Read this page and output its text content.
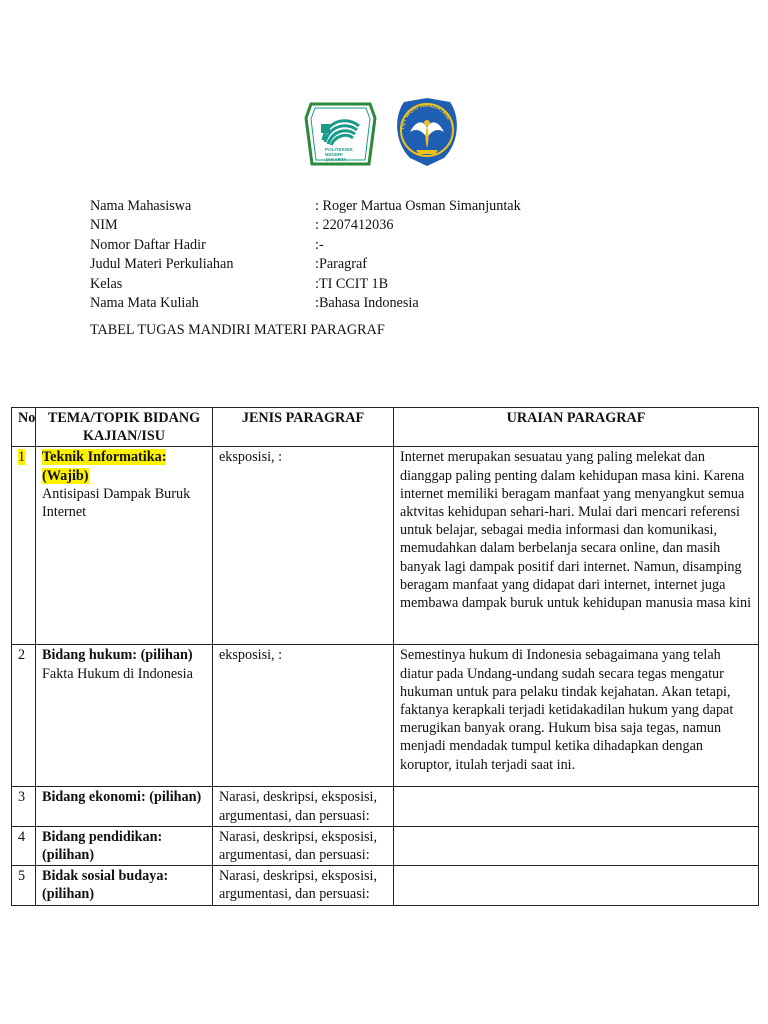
POLITEKNIK
NEGERI
JAKARTA
TUT WURI HANDAYANI
Nama Mahasiswa	: Roger Martua Osman Simanjuntak
NIM	: 2207412036
Nomor Daftar Hadir	:-
Judul Materi Perkuliahan	:Paragraf
Kelas	:TI CCIT 1B
Nama Mata Kuliah	:Bahasa Indonesia
TABEL TUGAS MANDIRI MATERI PARAGRAF
No	TEMA/TOPIK BIDANG KAJIAN/ISU	JENIS PARAGRAF	URAIAN PARAGRAF
1	Teknik Informatika: (Wajib)
Antisipasi Dampak Buruk Internet	eksposisi, :	Internet merupakan sesuatau yang paling melekat dan dianggap paling penting dalam kehidupan masa kini. Karena internet memiliki beragam manfaat yang menyangkut semua aktvitas kehidupan sehari-hari. Mulai dari mencari referensi untuk belajar, sebagai media informasi dan komunikasi, memudahkan dalam berbelanja secara online, dan masih banyak lagi dampak positif dari internet. Namun, disamping beragam manfaat yang didapat dari internet, internet juga membawa dampak buruk untuk kehidupan manusia masa kini
2	Bidang hukum: (pilihan)
Fakta Hukum di Indonesia	eksposisi, :	Semestinya hukum di Indonesia sebagaimana yang telah diatur pada Undang-undang sudah secara tegas mengatur hukuman untuk para pelaku tindak kejahatan. Akan tetapi, faktanya kerapkali terjadi ketidakadilan hukum yang dapat merugikan banyak orang. Hukum bisa saja tegas, namun menjadi mendadak tumpul ketika dihadapkan dengan koruptor, itulah terjadi saat ini.
3	Bidang ekonomi: (pilihan)	Narasi, deskripsi, eksposisi, argumentasi, dan persuasi:	
4	Bidang pendidikan: (pilihan)	Narasi, deskripsi, eksposisi, argumentasi, dan persuasi:	
5	Bidak sosial budaya: (pilihan)	Narasi, deskripsi, eksposisi, argumentasi, dan persuasi:	
